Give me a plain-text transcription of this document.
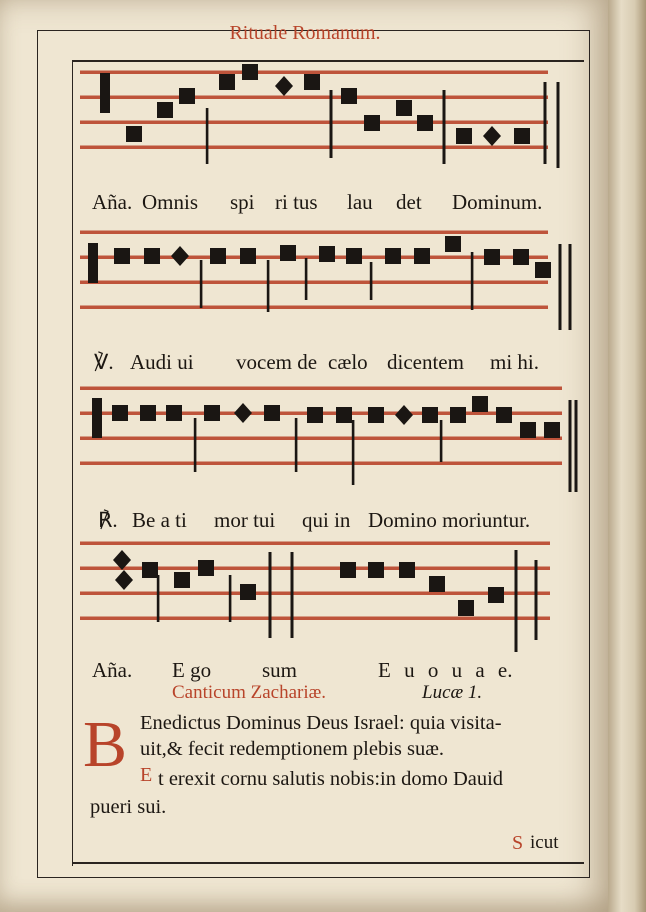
Rituale Romanum.
Aña. Omnis spi ri tus lau det Dominum.
℣. Audi ui vocem de cælo dicentem mi hi.
℟. Be a ti mor tui qui in Domino moriuntur.
Aña. E go sum	E u o u a e.
Canticum Zachariæ.	Lucæ 1.
B Enedictus Dominus Deus Israel: quia visita-
uit,& fecit redemptionem plebis suæ.
E t erexit cornu salutis nobis:in domo Dauid
pueri sui.
S icut
